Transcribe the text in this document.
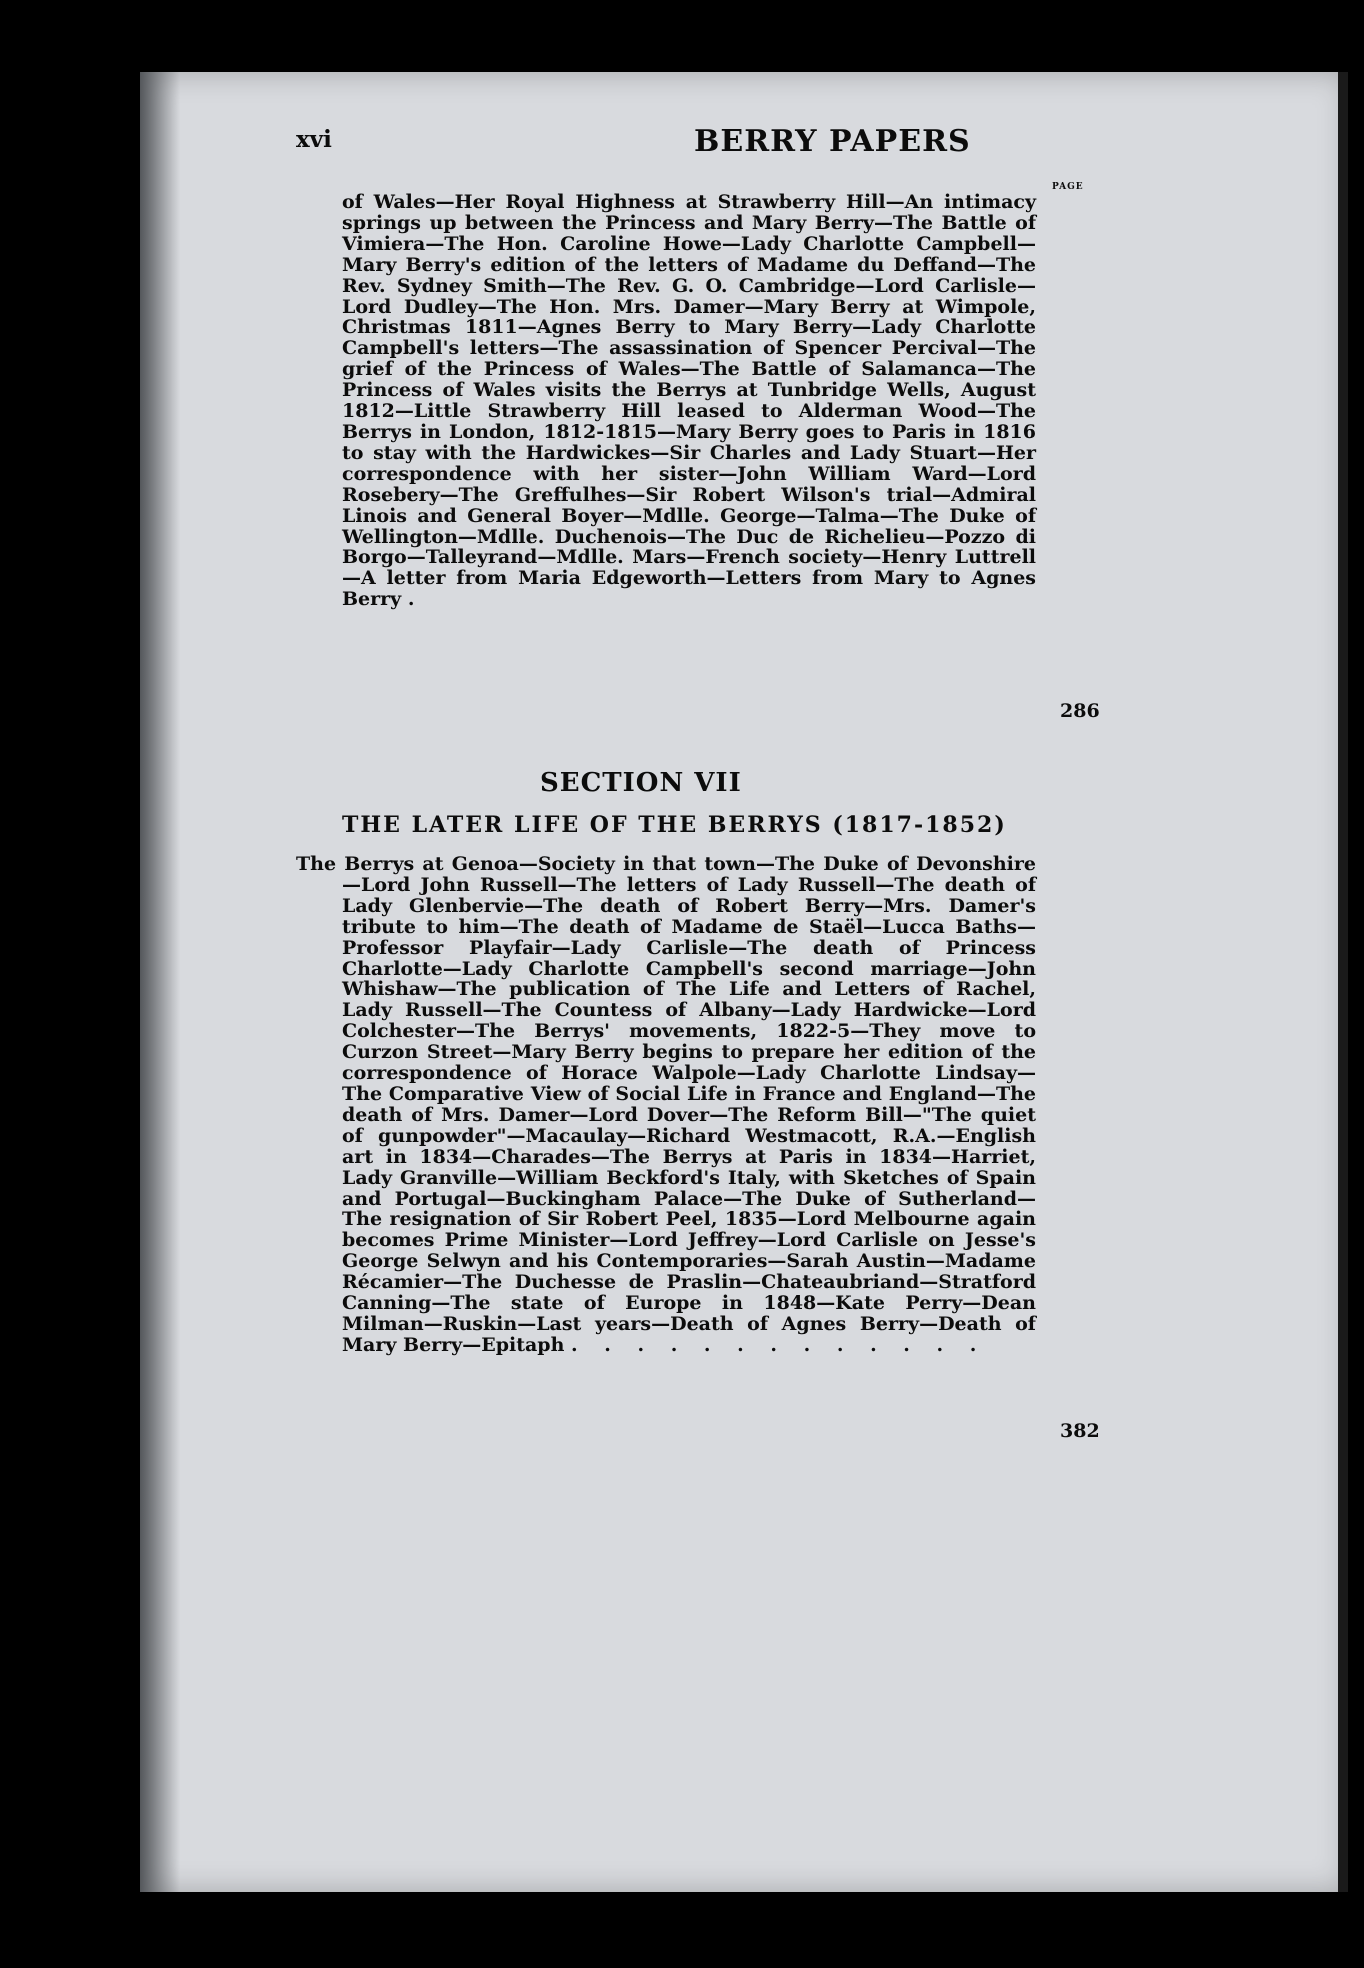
xvi	BERRY PAPERS
PAGE

of Wales—Her Royal Highness at Strawberry Hill—An intimacy springs up between the Princess and Mary Berry—The Battle of Vimiera—The Hon. Caroline Howe—Lady Charlotte Campbell—Mary Berry's edition of the letters of Madame du Deffand—The Rev. Sydney Smith—The Rev. G. O. Cambridge—Lord Carlisle—Lord Dudley—The Hon. Mrs. Damer—Mary Berry at Wimpole, Christmas 1811—Agnes Berry to Mary Berry—Lady Charlotte Campbell's letters—The assassination of Spencer Percival—The grief of the Princess of Wales—The Battle of Salamanca—The Princess of Wales visits the Berrys at Tunbridge Wells, August 1812—Little Strawberry Hill leased to Alderman Wood—The Berrys in London, 1812-1815—Mary Berry goes to Paris in 1816 to stay with the Hardwickes—Sir Charles and Lady Stuart—Her correspondence with her sister—John William Ward—Lord Rosebery—The Greffulhes—Sir Robert Wilson's trial—Admiral Linois and General Boyer—Mdlle. George—Talma—The Duke of Wellington—Mdlle. Duchenois—The Duc de Richelieu—Pozzo di Borgo—Talleyrand—Mdlle. Mars—French society—Henry Luttrell—A letter from Maria Edgeworth—Letters from Mary to Agnes Berry .

286
SECTION VII
THE LATER LIFE OF THE BERRYS (1817-1852)

The Berrys at Genoa—Society in that town—The Duke of Devonshire—Lord John Russell—The letters of Lady Russell—The death of Lady Glenbervie—The death of Robert Berry—Mrs. Damer's tribute to him—The death of Madame de Staël—Lucca Baths—Professor Playfair—Lady Carlisle—The death of Princess Charlotte—Lady Charlotte Campbell's second marriage—John Whishaw—The publication of The Life and Letters of Rachel, Lady Russell—The Countess of Albany—Lady Hardwicke—Lord Colchester—The Berrys' movements, 1822-5—They move to Curzon Street—Mary Berry begins to prepare her edition of the correspondence of Horace Walpole—Lady Charlotte Lindsay—The Comparative View of Social Life in France and England—The death of Mrs. Damer—Lord Dover—The Reform Bill—"The quiet of gunpowder"—Macaulay—Richard Westmacott, R.A.—English art in 1834—Charades—The Berrys at Paris in 1834—Harriet, Lady Granville—William Beckford's Italy, with Sketches of Spain and Portugal—Buckingham Palace—The Duke of Sutherland—The resignation of Sir Robert Peel, 1835—Lord Melbourne again becomes Prime Minister—Lord Jeffrey—Lord Carlisle on Jesse's George Selwyn and his Contemporaries—Sarah Austin—Madame Récamier—The Duchesse de Praslin—Chateaubriand—Stratford Canning—The state of Europe in 1848—Kate Perry—Dean Milman—Ruskin—Last years—Death of Agnes Berry—Death of Mary Berry—Epitaph . . . . . . . . . . . . .

382
